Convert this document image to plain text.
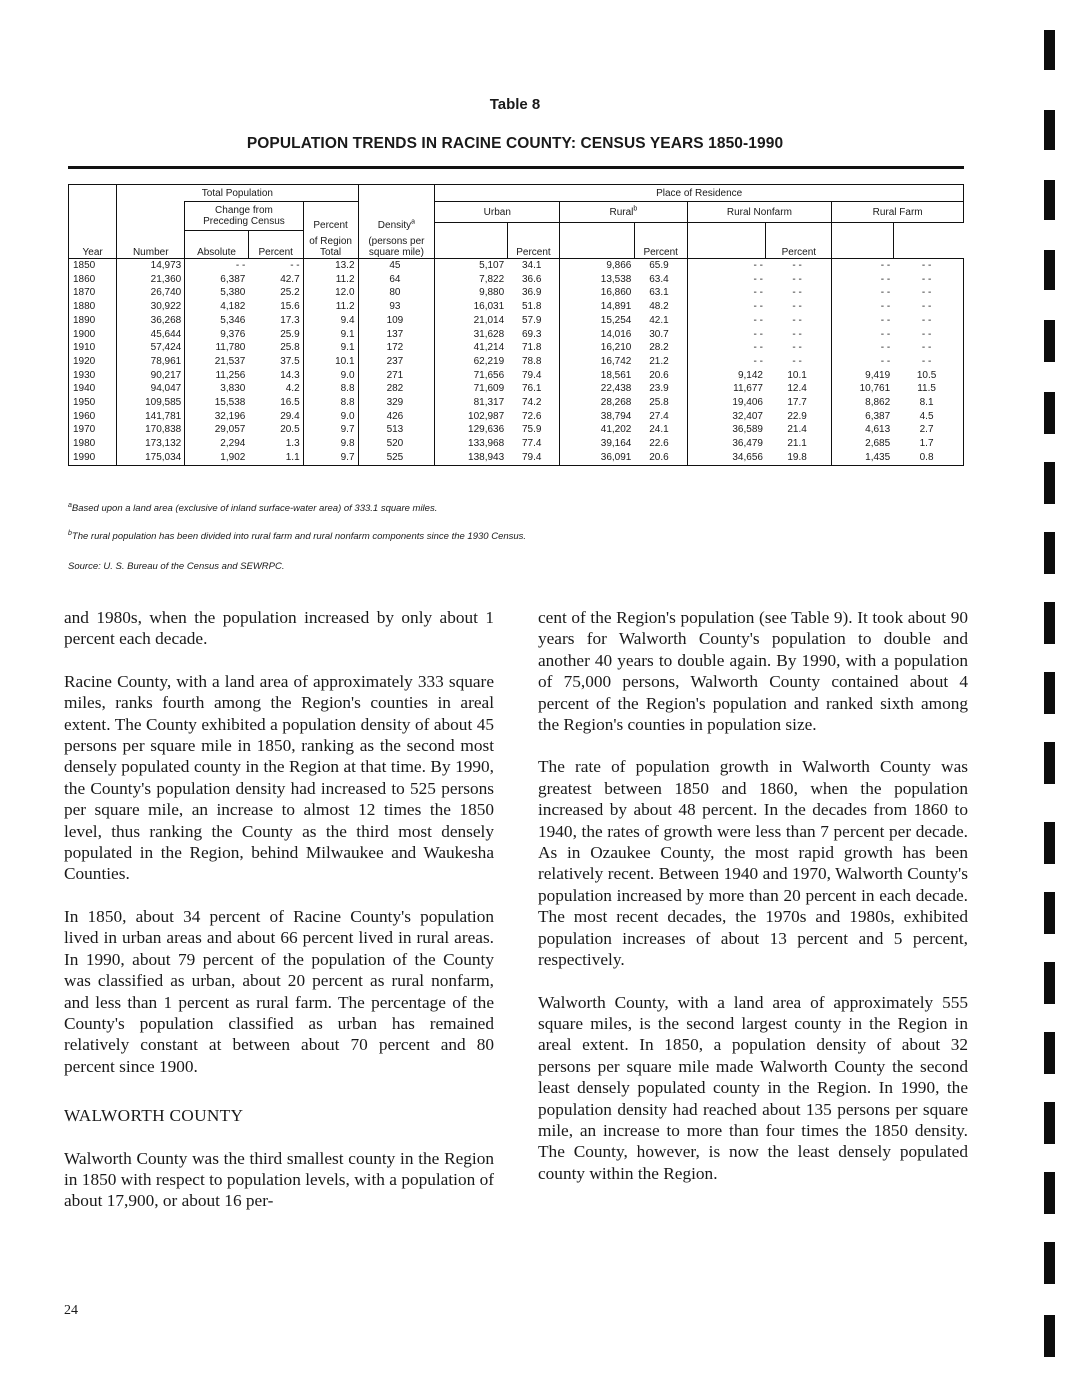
Table 8
POPULATION TRENDS IN RACINE COUNTY: CENSUS YEARS 1850-1990
	Total Population					Place of Residence							
		Change from Preceding Census		Percent	Density$^a$	Urban		Rural$^b$		Rural Nonfarm		Rural Farm	
							Percent		Percent		Percent	
Year	Number	Absolute	Percent	of Region
Total	(persons per square mile)								
1850	14,973	- -	- -	13.2	45	5,107	34.1	9,866	65.9	- -	- -	- -	- -
1860	21,360	6,387	42.7	11.2	64	7,822	36.6	13,538	63.4	- -	- -	- -	- -
1870	26,740	5,380	25.2	12.0	80	9,880	36.9	16,860	63.1	- -	- -	- -	- -
1880	30,922	4,182	15.6	11.2	93	16,031	51.8	14,891	48.2	- -	- -	- -	- -
1890	36,268	5,346	17.3	9.4	109	21,014	57.9	15,254	42.1	- -	- -	- -	- -
1900	45,644	9,376	25.9	9.1	137	31,628	69.3	14,016	30.7	- -	- -	- -	- -
1910	57,424	11,780	25.8	9.1	172	41,214	71.8	16,210	28.2	- -	- -	- -	- -
1920	78,961	21,537	37.5	10.1	237	62,219	78.8	16,742	21.2	- -	- -	- -	- -
1930	90,217	11,256	14.3	9.0	271	71,656	79.4	18,561	20.6	9,142	10.1	9,419	10.5
1940	94,047	3,830	4.2	8.8	282	71,609	76.1	22,438	23.9	11,677	12.4	10,761	11.5
1950	109,585	15,538	16.5	8.8	329	81,317	74.2	28,268	25.8	19,406	17.7	8,862	8.1
1960	141,781	32,196	29.4	9.0	426	102,987	72.6	38,794	27.4	32,407	22.9	6,387	4.5
1970	170,838	29,057	20.5	9.7	513	129,636	75.9	41,202	24.1	36,589	21.4	4,613	2.7
1980	173,132	2,294	1.3	9.8	520	133,968	77.4	39,164	22.6	36,479	21.1	2,685	1.7
1990	175,034	1,902	1.1	9.7	525	138,943	79.4	36,091	20.6	34,656	19.8	1,435	0.8
$^a$Based upon a land area (exclusive of inland surface-water area) of 333.1 square miles.
$^b$The rural population has been divided into rural farm and rural nonfarm components since the 1930 Census.
Source: U. S. Bureau of the Census and SEWRPC.

and 1980s, when the population increased by only about 1 percent each decade.

Racine County, with a land area of approximately 333 square miles, ranks fourth among the Region's counties in areal extent. The County exhibited a population density of about 45 persons per square mile in 1850, ranking as the second most densely populated county in the Region at that time. By 1990, the County's population density had increased to 525 persons per square mile, an increase to almost 12 times the 1850 level, thus ranking the County as the third most densely populated in the Region, behind Milwaukee and Waukesha Counties.

In 1850, about 34 percent of Racine County's population lived in urban areas and about 66 percent lived in rural areas. In 1990, about 79 percent of the population of the County was classified as urban, about 20 percent as rural nonfarm, and less than 1 percent as rural farm. The percentage of the County's population classified as urban has remained relatively constant at between about 70 percent and 80 percent since 1900.

WALWORTH COUNTY

Walworth County was the third smallest county in the Region in 1850 with respect to population levels, with a population of about 17,900, or about 16 per-

cent of the Region's population (see Table 9). It took about 90 years for Walworth County's population to double and another 40 years to double again. By 1990, with a population of 75,000 persons, Walworth County contained about 4 percent of the Region's population and ranked sixth among the Region's counties in population size.

The rate of population growth in Walworth County was greatest between 1850 and 1860, when the population increased by about 48 percent. In the decades from 1860 to 1940, the rates of growth were less than 7 percent per decade. As in Ozaukee County, the most rapid growth has been relatively recent. Between 1940 and 1970, Walworth County's population increased by more than 20 percent in each decade. The most recent decades, the 1970s and 1980s, exhibited population increases of about 13 percent and 5 percent, respectively.

Walworth County, with a land area of approximately 555 square miles, is the second largest county in the Region in areal extent. In 1850, a population density of about 32 persons per square mile made Walworth County the second least densely populated county in the Region. In 1990, the population density had reached about 135 persons per square mile, an increase to more than four times the 1850 density. The County, however, is now the least densely populated county within the Region.

24
